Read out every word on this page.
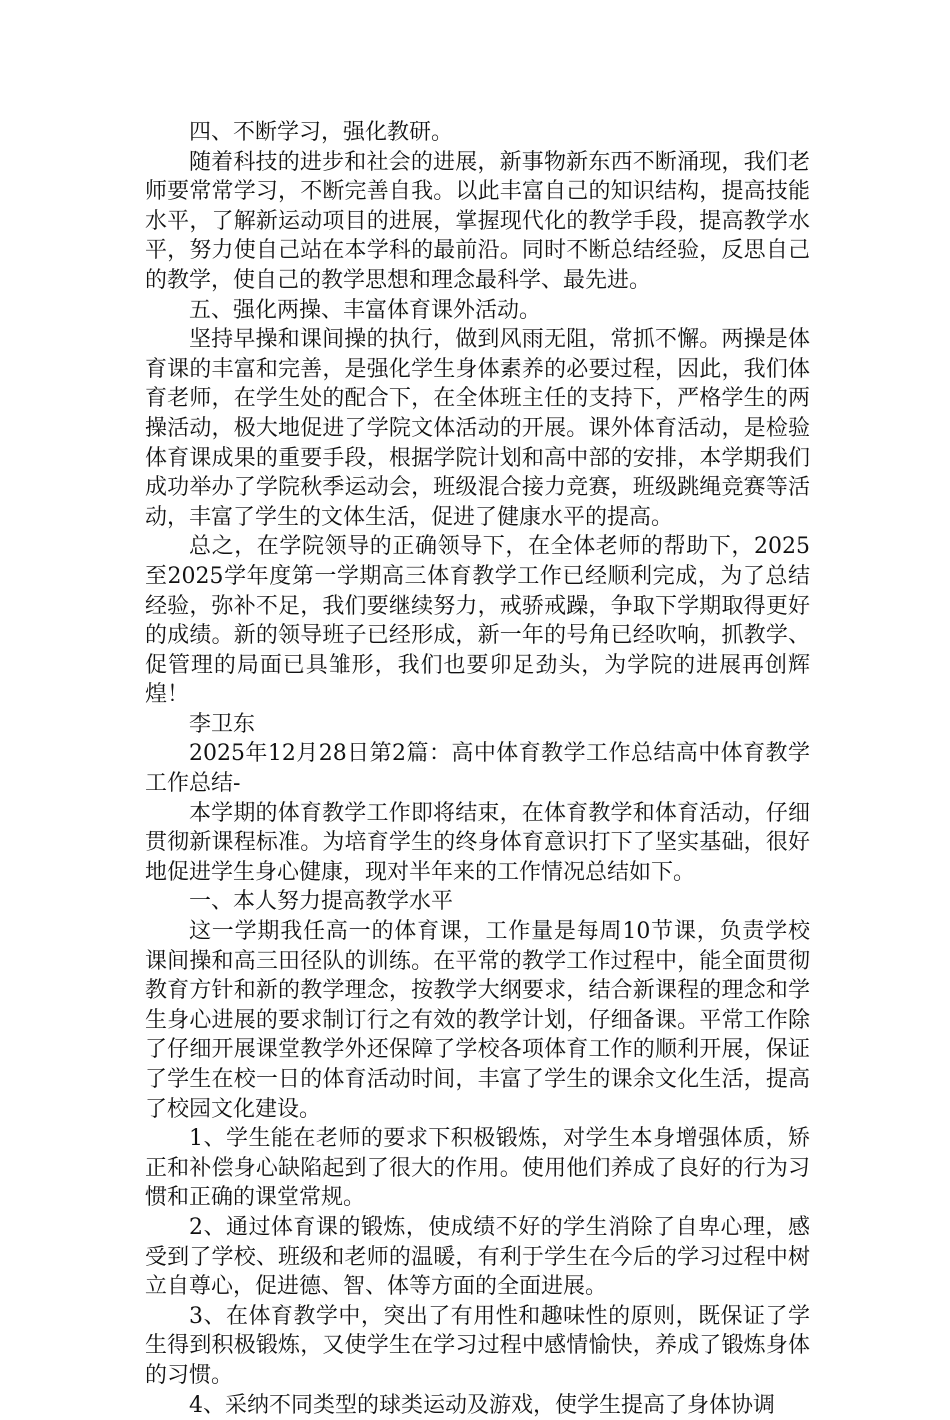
四、不断学习，强化教研。

随着科技的进步和社会的进展，新事物新东西不断涌现，我们老师要常常学习，不断完善自我。以此丰富自己的知识结构，提高技能水平，了解新运动项目的进展，掌握现代化的教学手段，提高教学水平，努力使自己站在本学科的最前沿。同时不断总结经验，反思自己的教学，使自己的教学思想和理念最科学、最先进。

五、强化两操、丰富体育课外活动。

坚持早操和课间操的执行，做到风雨无阻，常抓不懈。两操是体育课的丰富和完善，是强化学生身体素养的必要过程，因此，我们体育老师，在学生处的配合下，在全体班主任的支持下，严格学生的两操活动，极大地促进了学院文体活动的开展。课外体育活动，是检验体育课成果的重要手段，根据学院计划和高中部的安排，本学期我们成功举办了学院秋季运动会，班级混合接力竞赛，班级跳绳竞赛等活动，丰富了学生的文体生活，促进了健康水平的提高。

总之，在学院领导的正确领导下，在全体老师的帮助下，2025至2025学年度第一学期高三体育教学工作已经顺利完成，为了总结经验，弥补不足，我们要继续努力，戒骄戒躁，争取下学期取得更好的成绩。新的领导班子已经形成，新一年的号角已经吹响，抓教学、促管理的局面已具雏形，我们也要卯足劲头，为学院的进展再创辉煌！

李卫东

2025年12月28日第2篇：高中体育教学工作总结高中体育教学工作总结-

本学期的体育教学工作即将结束，在体育教学和体育活动，仔细贯彻新课程标准。为培育学生的终身体育意识打下了坚实基础，很好地促进学生身心健康，现对半年来的工作情况总结如下。

一、本人努力提高教学水平

这一学期我任高一的体育课，工作量是每周10节课，负责学校课间操和高三田径队的训练。在平常的教学工作过程中，能全面贯彻教育方针和新的教学理念，按教学大纲要求，结合新课程的理念和学生身心进展的要求制订行之有效的教学计划，仔细备课。平常工作除了仔细开展课堂教学外还保障了学校各项体育工作的顺利开展，保证了学生在校一日的体育活动时间，丰富了学生的课余文化生活，提高了校园文化建设。

1、学生能在老师的要求下积极锻炼，对学生本身增强体质，矫正和补偿身心缺陷起到了很大的作用。使用他们养成了良好的行为习惯和正确的课堂常规。

2、通过体育课的锻炼，使成绩不好的学生消除了自卑心理，感受到了学校、班级和老师的温暖，有利于学生在今后的学习过程中树立自尊心，促进德、智、体等方面的全面进展。

3、在体育教学中，突出了有用性和趣味性的原则，既保证了学生得到积极锻炼，又使学生在学习过程中感情愉快，养成了锻炼身体的习惯。

4、采纳不同类型的球类运动及游戏，使学生提高了身体协调
